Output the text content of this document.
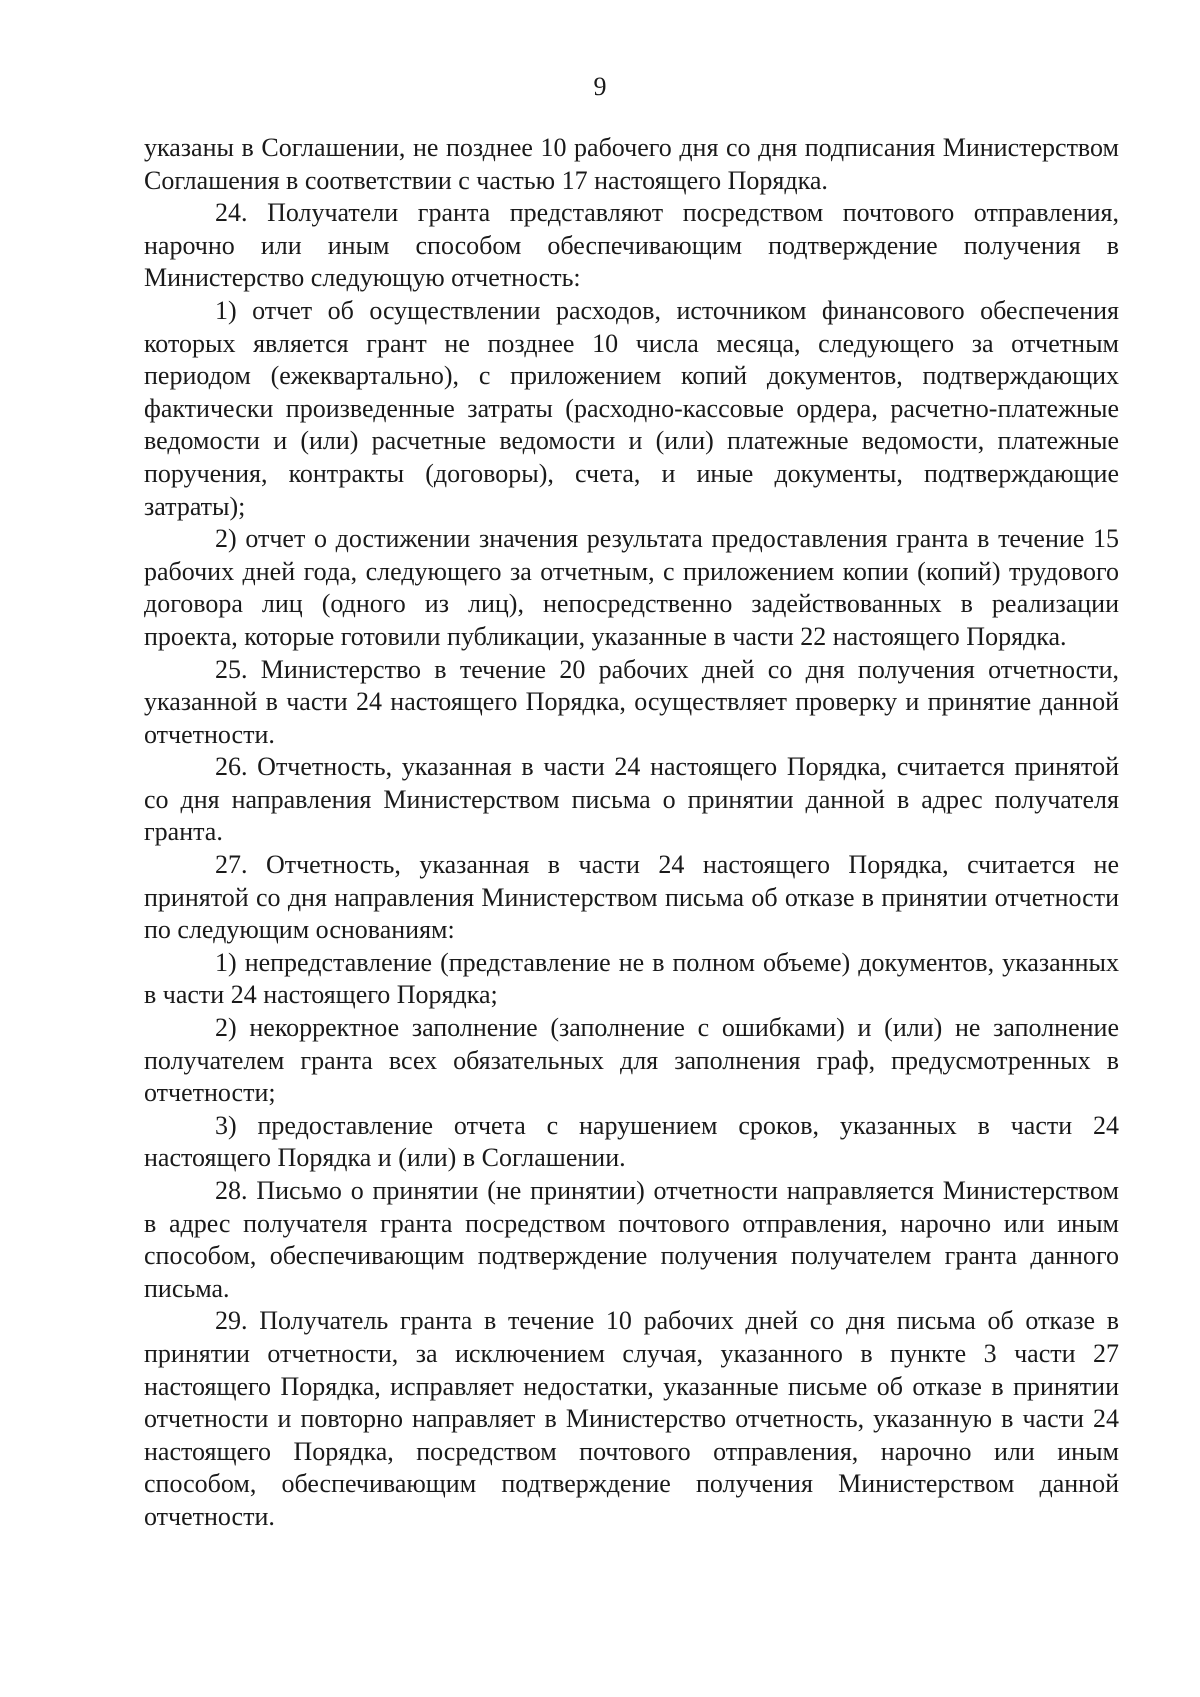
9

указаны в Соглашении, не позднее 10 рабочего дня со дня подписания Министерством Соглашения в соответствии с частью 17 настоящего Порядка.

24. Получатели гранта представляют посредством почтового отправления, нарочно или иным способом обеспечивающим подтверждение получения в Министерство следующую отчетность:

1) отчет об осуществлении расходов, источником финансового обеспечения которых является грант не позднее 10 числа месяца, следующего за отчетным периодом (ежеквартально), с приложением копий документов, подтверждающих фактически произведенные затраты (расходно-кассовые ордера, расчетно-платежные ведомости и (или) расчетные ведомости и (или) платежные ведомости, платежные поручения, контракты (договоры), счета, и иные документы, подтверждающие затраты);

2) отчет о достижении значения результата предоставления гранта в течение 15 рабочих дней года, следующего за отчетным, с приложением копии (копий) трудового договора лиц (одного из лиц), непосредственно задействованных в реализации проекта, которые готовили публикации, указанные в части 22 настоящего Порядка.

25. Министерство в течение 20 рабочих дней со дня получения отчетности, указанной в части 24 настоящего Порядка, осуществляет проверку и принятие данной отчетности.

26. Отчетность, указанная в части 24 настоящего Порядка, считается принятой со дня направления Министерством письма о принятии данной в адрес получателя гранта.

27. Отчетность, указанная в части 24 настоящего Порядка, считается не принятой со дня направления Министерством письма об отказе в принятии отчетности по следующим основаниям:

1) непредставление (представление не в полном объеме) документов, указанных в части 24 настоящего Порядка;

2) некорректное заполнение (заполнение с ошибками) и (или) не заполнение получателем гранта всех обязательных для заполнения граф, предусмотренных в отчетности;

3) предоставление отчета с нарушением сроков, указанных в части 24 настоящего Порядка и (или) в Соглашении.

28. Письмо о принятии (не принятии) отчетности направляется Министерством в адрес получателя гранта посредством почтового отправления, нарочно или иным способом, обеспечивающим подтверждение получения получателем гранта данного письма.

29. Получатель гранта в течение 10 рабочих дней со дня письма об отказе в принятии отчетности, за исключением случая, указанного в пункте 3 части 27 настоящего Порядка, исправляет недостатки, указанные письме об отказе в принятии отчетности и повторно направляет в Министерство отчетность, указанную в части 24 настоящего Порядка, посредством почтового отправления, нарочно или иным способом, обеспечивающим подтверждение получения Министерством данной отчетности.
